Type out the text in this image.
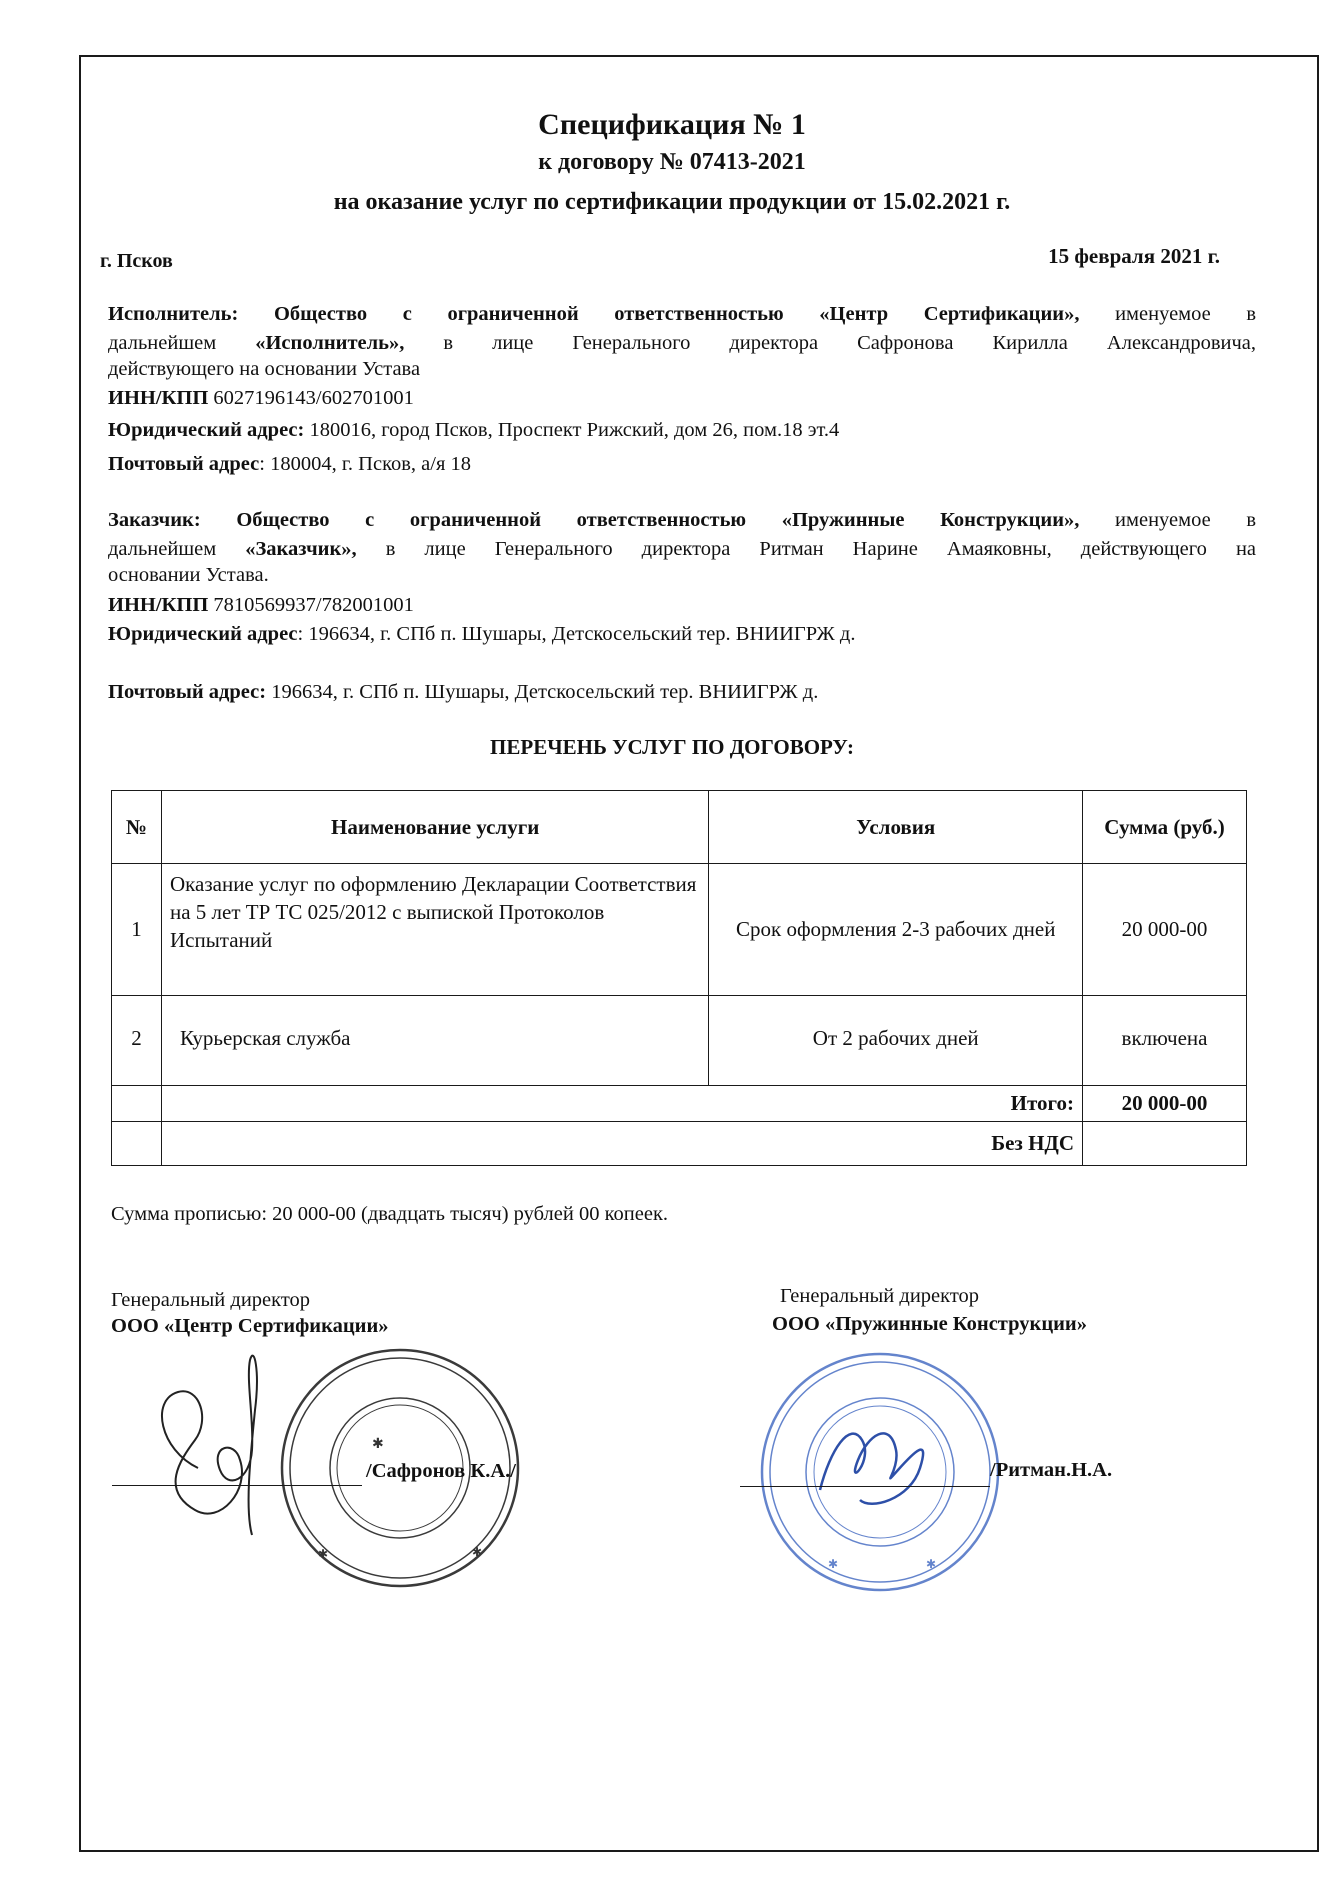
Спецификация № 1
к договору № 07413-2021
на оказание услуг по сертификации продукции от 15.02.2021 г.
г. Псков	15 февраля 2021 г.
Исполнитель: Общество с ограниченной ответственностью «Центр Сертификации», именуемое в
дальнейшем «Исполнитель», в лице Генерального директора Сафронова Кирилла Александровича,
действующего на основании Устава
ИНН/КПП 6027196143/602701001
Юридический адрес: 180016, город Псков, Проспект Рижский, дом 26, пом.18 эт.4
Почтовый адрес: 180004, г. Псков, а/я 18
Заказчик: Общество с ограниченной ответственностью «Пружинные Конструкции», именуемое в
дальнейшем «Заказчик», в лице Генерального директора Ритман Нарине Амаяковны, действующего на
основании Устава.
ИНН/КПП 7810569937/782001001
Юридический адрес: 196634, г. СПб п. Шушары, Детскосельский тер. ВНИИГРЖ д.
Почтовый адрес: 196634, г. СПб п. Шушары, Детскосельский тер. ВНИИГРЖ д.
ПЕРЕЧЕНЬ УСЛУГ ПО ДОГОВОРУ:
№	Наименование услуги	Условия	Сумма (руб.)
1	Оказание услуг по оформлению Декларации Соответствия на 5 лет ТР ТС 025/2012 с выпиской Протоколов Испытаний	Срок оформления 2-3 рабочих дней	20 000-00
2	Курьерская служба	От 2 рабочих дней	включена
	Итого:		20 000-00
	Без НДС		
Сумма прописью: 20 000-00 (двадцать тысяч) рублей 00 копеек.
Генеральный директор
ООО «Центр Сертификации»
✱
✱	✱
/Сафронов К.А./
Генеральный директор
ООО «Пружинные Конструкции»
✱	✱
/Ритман.Н.А.
